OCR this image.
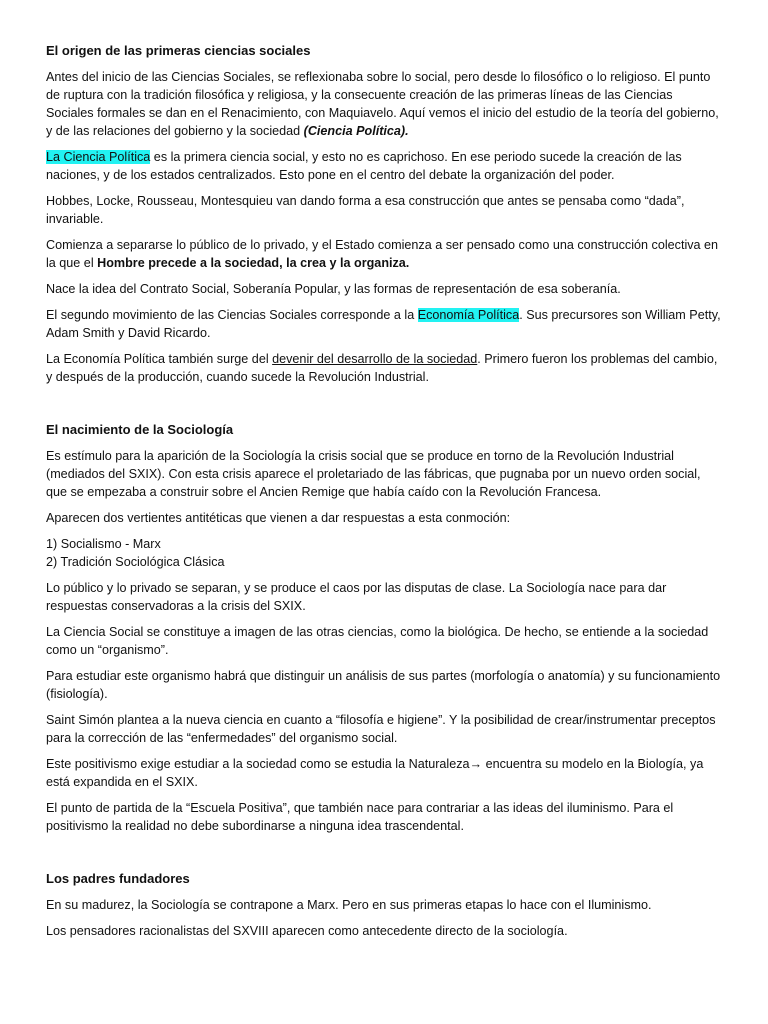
El origen de las primeras ciencias sociales

Antes del inicio de las Ciencias Sociales, se reflexionaba sobre lo social, pero desde lo filosófico o lo religioso. El punto de ruptura con la tradición filosófica y religiosa, y la consecuente creación de las primeras líneas de las Ciencias Sociales formales se dan en el Renacimiento, con Maquiavelo. Aquí vemos el inicio del estudio de la teoría del gobierno, y de las relaciones del gobierno y la sociedad (Ciencia Política).

La Ciencia Política es la primera ciencia social, y esto no es caprichoso. En ese periodo sucede la creación de las naciones, y de los estados centralizados. Esto pone en el centro del debate la organización del poder.

Hobbes, Locke, Rousseau, Montesquieu van dando forma a esa construcción que antes se pensaba como “dada”, invariable.

Comienza a separarse lo público de lo privado, y el Estado comienza a ser pensado como una construcción colectiva en la que el Hombre precede a la sociedad, la crea y la organiza.

Nace la idea del Contrato Social, Soberanía Popular, y las formas de representación de esa soberanía.

El segundo movimiento de las Ciencias Sociales corresponde a la Economía Política. Sus precursores son William Petty, Adam Smith y David Ricardo.

La Economía Política también surge del devenir del desarrollo de la sociedad. Primero fueron los problemas del cambio, y después de la producción, cuando sucede la Revolución Industrial.

El nacimiento de la Sociología

Es estímulo para la aparición de la Sociología la crisis social que se produce en torno de la Revolución Industrial (mediados del SXIX). Con esta crisis aparece el proletariado de las fábricas, que pugnaba por un nuevo orden social, que se empezaba a construir sobre el Ancien Remige que había caído con la Revolución Francesa.

Aparecen dos vertientes antitéticas que vienen a dar respuestas a esta conmoción:

1) Socialismo - Marx
2) Tradición Sociológica Clásica

Lo público y lo privado se separan, y se produce el caos por las disputas de clase. La Sociología nace para dar respuestas conservadoras a la crisis del SXIX.

La Ciencia Social se constituye a imagen de las otras ciencias, como la biológica. De hecho, se entiende a la sociedad como un “organismo”.

Para estudiar este organismo habrá que distinguir un análisis de sus partes (morfología o anatomía) y su funcionamiento (fisiología).

Saint Simón plantea a la nueva ciencia en cuanto a “filosofía e higiene”. Y la posibilidad de crear/instrumentar preceptos para la corrección de las “enfermedades” del organismo social.

Este positivismo exige estudiar a la sociedad como se estudia la Naturaleza→ encuentra su modelo en la Biología, ya está expandida en el SXIX.

El punto de partida de la “Escuela Positiva”, que también nace para contrariar a las ideas del iluminismo. Para el positivismo la realidad no debe subordinarse a ninguna idea trascendental.

Los padres fundadores

En su madurez, la Sociología se contrapone a Marx. Pero en sus primeras etapas lo hace con el Iluminismo.

Los pensadores racionalistas del SXVIII aparecen como antecedente directo de la sociología.
